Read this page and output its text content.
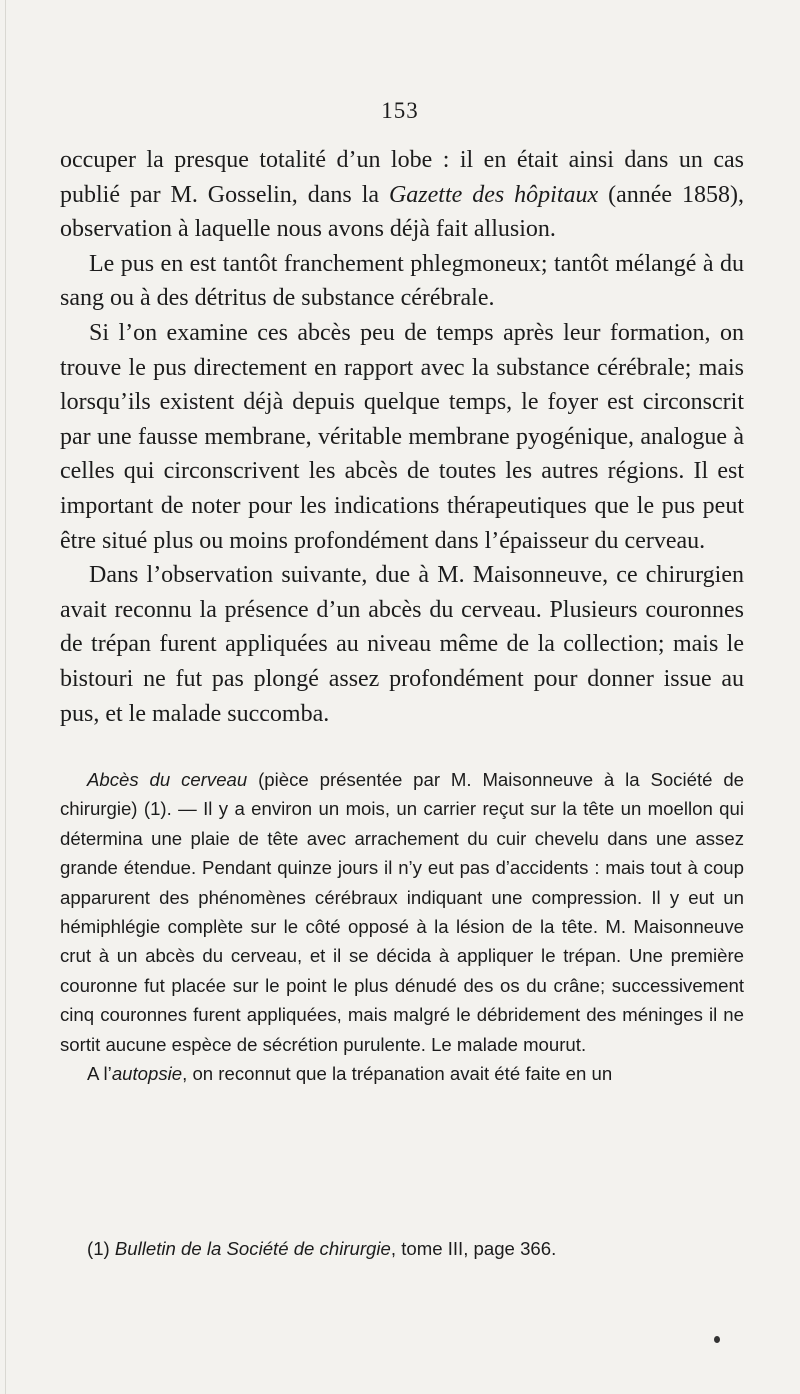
153

occuper la presque totalité d’un lobe : il en était ainsi dans un cas publié par M. Gosselin, dans la Gazette des hôpitaux (année 1858), observation à laquelle nous avons déjà fait allusion.

Le pus en est tantôt franchement phlegmoneux; tantôt mélangé à du sang ou à des détritus de substance cérébrale.

Si l’on examine ces abcès peu de temps après leur formation, on trouve le pus directement en rapport avec la substance cérébrale; mais lorsqu’ils existent déjà depuis quelque temps, le foyer est circonscrit par une fausse membrane, véritable membrane pyogénique, analogue à celles qui circonscrivent les abcès de toutes les autres régions. Il est important de noter pour les indications thérapeutiques que le pus peut être situé plus ou moins profondément dans l’épaisseur du cerveau.

Dans l’observation suivante, due à M. Maisonneuve, ce chirurgien avait reconnu la présence d’un abcès du cerveau. Plusieurs couronnes de trépan furent appliquées au niveau même de la collection; mais le bistouri ne fut pas plongé assez profondément pour donner issue au pus, et le malade succomba.

Abcès du cerveau (pièce présentée par M. Maisonneuve à la Société de chirurgie) (1). — Il y a environ un mois, un carrier reçut sur la tête un moellon qui détermina une plaie de tête avec arrachement du cuir chevelu dans une assez grande étendue. Pendant quinze jours il n’y eut pas d’accidents : mais tout à coup apparurent des phénomènes cérébraux indiquant une compression. Il y eut un hémiphlégie complète sur le côté opposé à la lésion de la tête. M. Maisonneuve crut à un abcès du cerveau, et il se décida à appliquer le trépan. Une première couronne fut placée sur le point le plus dénudé des os du crâne; successivement cinq couronnes furent appliquées, mais malgré le débridement des méninges il ne sortit aucune espèce de sécrétion purulente. Le malade mourut.

A l’autopsie, on reconnut que la trépanation avait été faite en un

(1) Bulletin de la Société de chirurgie, tome III, page 366.
